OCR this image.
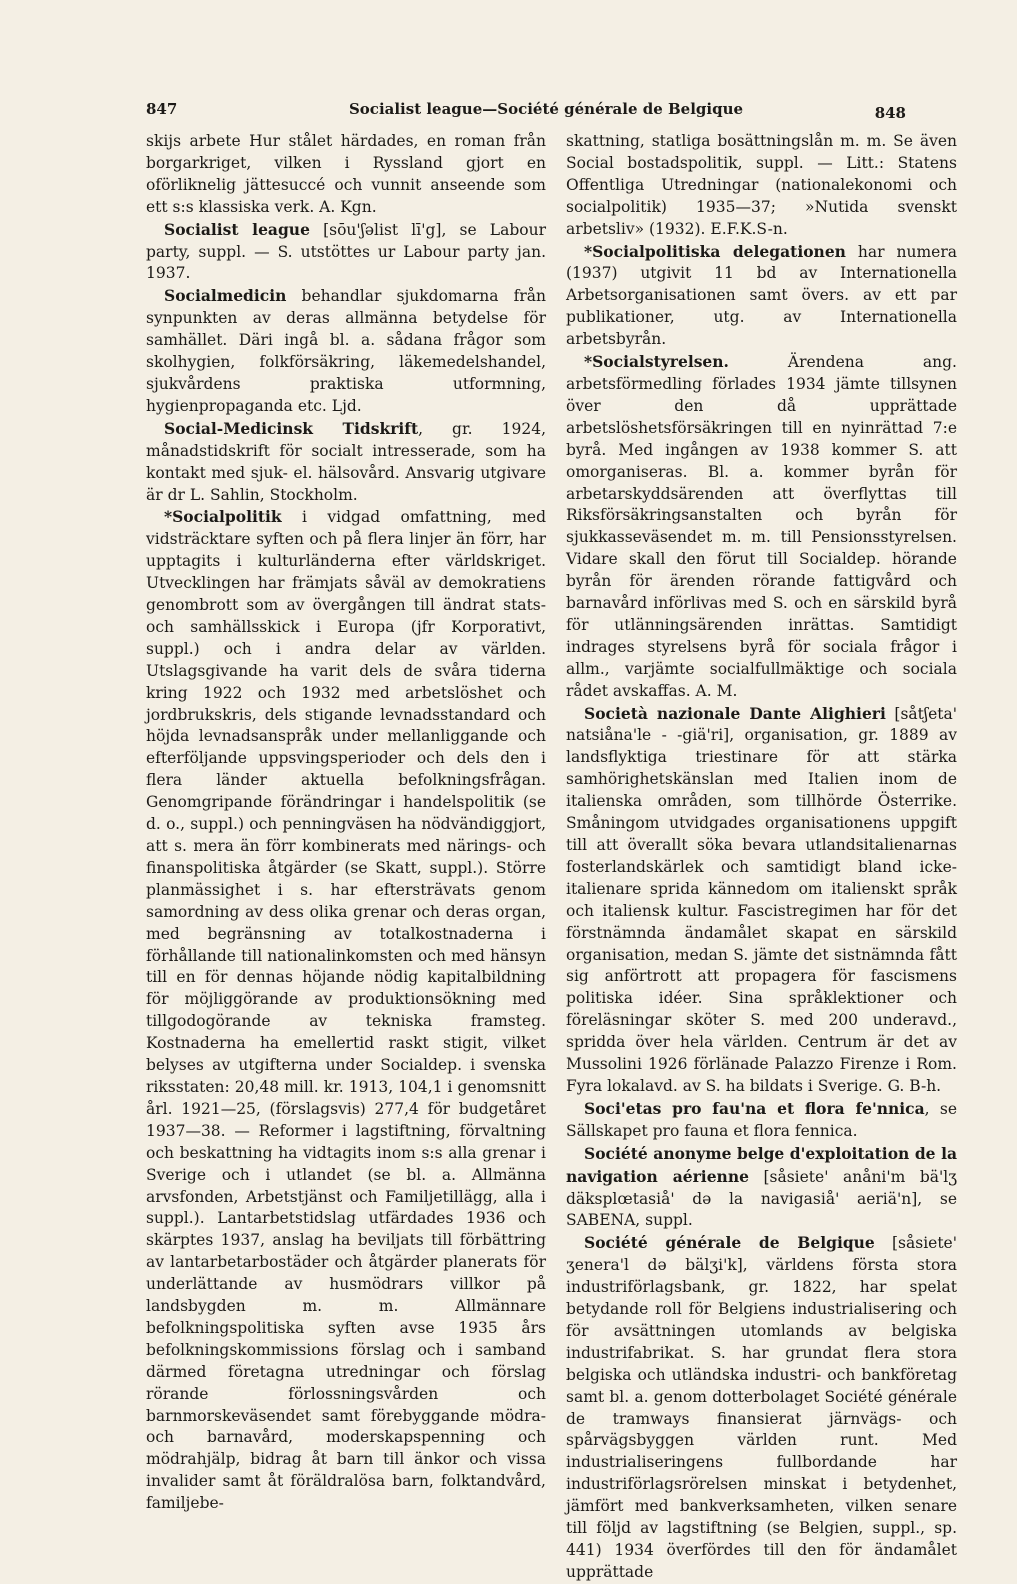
847	Socialist league—Société générale de Belgique	848

skijs arbete Hur stålet härdades, en roman från borgarkriget, vilken i Ryssland gjort en oförliknelig jättesuccé och vunnit anseende som ett s:s klassiska verk. A. Kgn.

Socialist league [sōu'ʃəlist lī'g], se Labour party, suppl. — S. utstöttes ur Labour party jan. 1937.

Socialmedicin behandlar sjukdomarna från synpunkten av deras allmänna betydelse för samhället. Däri ingå bl. a. sådana frågor som skolhygien, folkförsäkring, läkemedelshandel, sjukvårdens praktiska utformning, hygienpropaganda etc. Ljd.

Social-Medicinsk Tidskrift, gr. 1924, månadstidskrift för socialt intresserade, som ha kontakt med sjuk- el. hälsovård. Ansvarig utgivare är dr L. Sahlin, Stockholm.

*Socialpolitik i vidgad omfattning, med vidsträcktare syften och på flera linjer än förr, har upptagits i kulturländerna efter världskriget. Utvecklingen har främjats såväl av demokratiens genombrott som av övergången till ändrat stats- och samhällsskick i Europa (jfr Korporativt, suppl.) och i andra delar av världen. Utslagsgivande ha varit dels de svåra tiderna kring 1922 och 1932 med arbetslöshet och jordbrukskris, dels stigande levnadsstandard och höjda levnadsanspråk under mellanliggande och efterföljande uppsvingsperioder och dels den i flera länder aktuella befolkningsfrågan. Genomgripande förändringar i handelspolitik (se d. o., suppl.) och penningväsen ha nödvändiggjort, att s. mera än förr kombinerats med närings- och finanspolitiska åtgärder (se Skatt, suppl.). Större planmässighet i s. har eftersträvats genom samordning av dess olika grenar och deras organ, med begränsning av totalkostnaderna i förhållande till nationalinkomsten och med hänsyn till en för dennas höjande nödig kapitalbildning för möjliggörande av produktionsökning med tillgodogörande av tekniska framsteg. Kostnaderna ha emellertid raskt stigit, vilket belyses av utgifterna under Socialdep. i svenska riksstaten: 20,48 mill. kr. 1913, 104,1 i genomsnitt årl. 1921—25, (förslagsvis) 277,4 för budgetåret 1937—38. — Reformer i lagstiftning, förvaltning och beskattning ha vidtagits inom s:s alla grenar i Sverige och i utlandet (se bl. a. Allmänna arvsfonden, Arbetstjänst och Familjetillägg, alla i suppl.). Lantarbetstidslag utfärdades 1936 och skärptes 1937, anslag ha beviljats till förbättring av lantarbetarbostäder och åtgärder planerats för underlättande av husmödrars villkor på landsbygden m. m. Allmännare befolkningspolitiska syften avse 1935 års befolkningskommissions förslag och i samband därmed företagna utredningar och förslag rörande förlossningsvården och barnmorskeväsendet samt förebyggande mödra- och barnavård, moderskapspenning och mödrahjälp, bidrag åt barn till änkor och vissa invalider samt åt föräldralösa barn, folktandvård, familjebe-

skattning, statliga bosättningslån m. m. Se även Social bostadspolitik, suppl. — Litt.: Statens Offentliga Utredningar (nationalekonomi och socialpolitik) 1935—37; »Nutida svenskt arbetsliv» (1932). E.F.K.S-n.

*Socialpolitiska delegationen har numera (1937) utgivit 11 bd av Internationella Arbetsorganisationen samt övers. av ett par publikationer, utg. av Internationella arbetsbyrån.

*Socialstyrelsen. Ärendena ang. arbetsförmedling förlades 1934 jämte tillsynen över den då upprättade arbetslöshetsförsäkringen till en nyinrättad 7:e byrå. Med ingången av 1938 kommer S. att omorganiseras. Bl. a. kommer byrån för arbetarskyddsärenden att överflyttas till Riksförsäkringsanstalten och byrån för sjukkasseväsendet m. m. till Pensionsstyrelsen. Vidare skall den förut till Socialdep. hörande byrån för ärenden rörande fattigvård och barnavård införlivas med S. och en särskild byrå för utlänningsärenden inrättas. Samtidigt indrages styrelsens byrå för sociala frågor i allm., varjämte socialfullmäktige och sociala rådet avskaffas. A. M.

Società nazionale Dante Alighieri [såtʃeta' natsiåna'le - -giä'ri], organisation, gr. 1889 av landsflyktiga triestinare för att stärka samhörighetskänslan med Italien inom de italienska områden, som tillhörde Österrike. Småningom utvidgades organisationens uppgift till att överallt söka bevara utlandsitalienarnas fosterlandskärlek och samtidigt bland icke-italienare sprida kännedom om italienskt språk och italiensk kultur. Fascistregimen har för det förstnämnda ändamålet skapat en särskild organisation, medan S. jämte det sistnämnda fått sig anförtrott att propagera för fascismens politiska idéer. Sina språklektioner och föreläsningar sköter S. med 200 underavd., spridda över hela världen. Centrum är det av Mussolini 1926 förlänade Palazzo Firenze i Rom. Fyra lokalavd. av S. ha bildats i Sverige. G. B-h.

Soci'etas pro fau'na et flora fe'nnica, se Sällskapet pro fauna et flora fennica.

Société anonyme belge d'exploitation de la navigation aérienne [såsiete' anåni'm bä'lʒ däksplœtasiå' də la navigasiå' aeriä'n], se SABENA, suppl.

Société générale de Belgique [såsiete' ʒenera'l də bälʒi'k], världens första stora industriförlagsbank, gr. 1822, har spelat betydande roll för Belgiens industrialisering och för avsättningen utomlands av belgiska industrifabrikat. S. har grundat flera stora belgiska och utländska industri- och bankföretag samt bl. a. genom dotterbolaget Société générale de tramways finansierat järnvägs- och spårvägsbyggen världen runt. Med industrialiseringens fullbordande har industriförlagsrörelsen minskat i betydenhet, jämfört med bankverksamheten, vilken senare till följd av lagstiftning (se Belgien, suppl., sp. 441) 1934 överfördes till den för ändamålet upprättade
